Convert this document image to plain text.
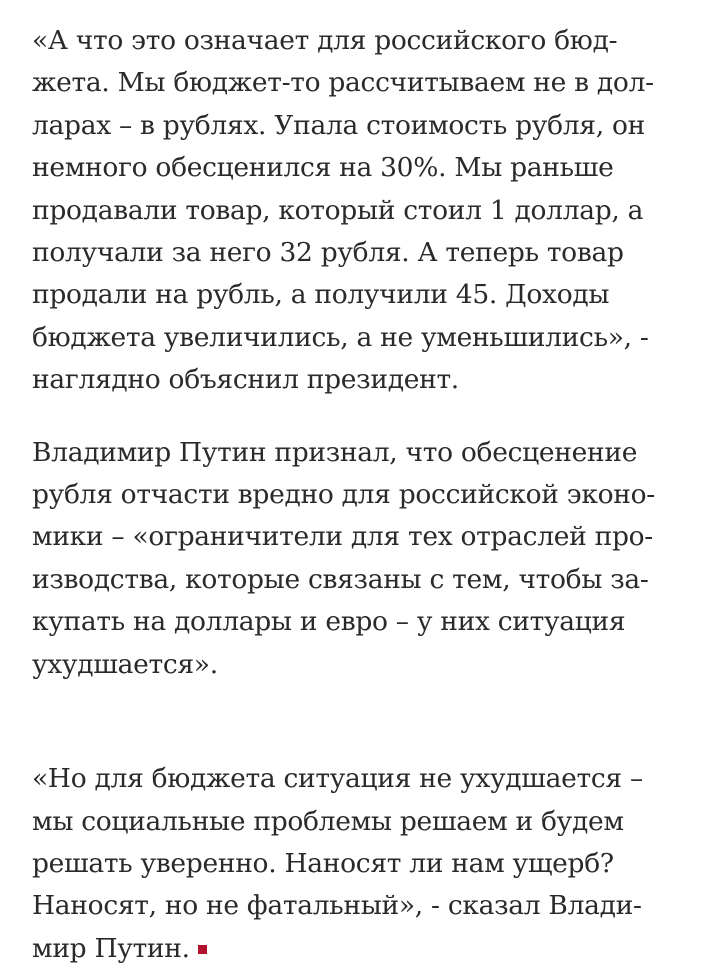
«А что это означает для российского бюд-
жета. Мы бюджет-то рассчитываем не в дол-
ларах – в рублях. Упала стоимость рубля, он
немного обесценился на 30%. Мы раньше
продавали товар, который стоил 1 доллар, а
получали за него 32 рубля. А теперь товар
продали на рубль, а получили 45. Доходы
бюджета увеличились, а не уменьшились», -
наглядно объяснил президент.

Владимир Путин признал, что обесценение
рубля отчасти вредно для российской эконо-
мики – «ограничители для тех отраслей про-
изводства, которые связаны с тем, чтобы за-
купать на доллары и евро – у них ситуация
ухудшается».

«Но для бюджета ситуация не ухудшается –
мы социальные проблемы решаем и будем
решать уверенно. Наносят ли нам ущерб?
Наносят, но не фатальный», - сказал Влади-
мир Путин.
